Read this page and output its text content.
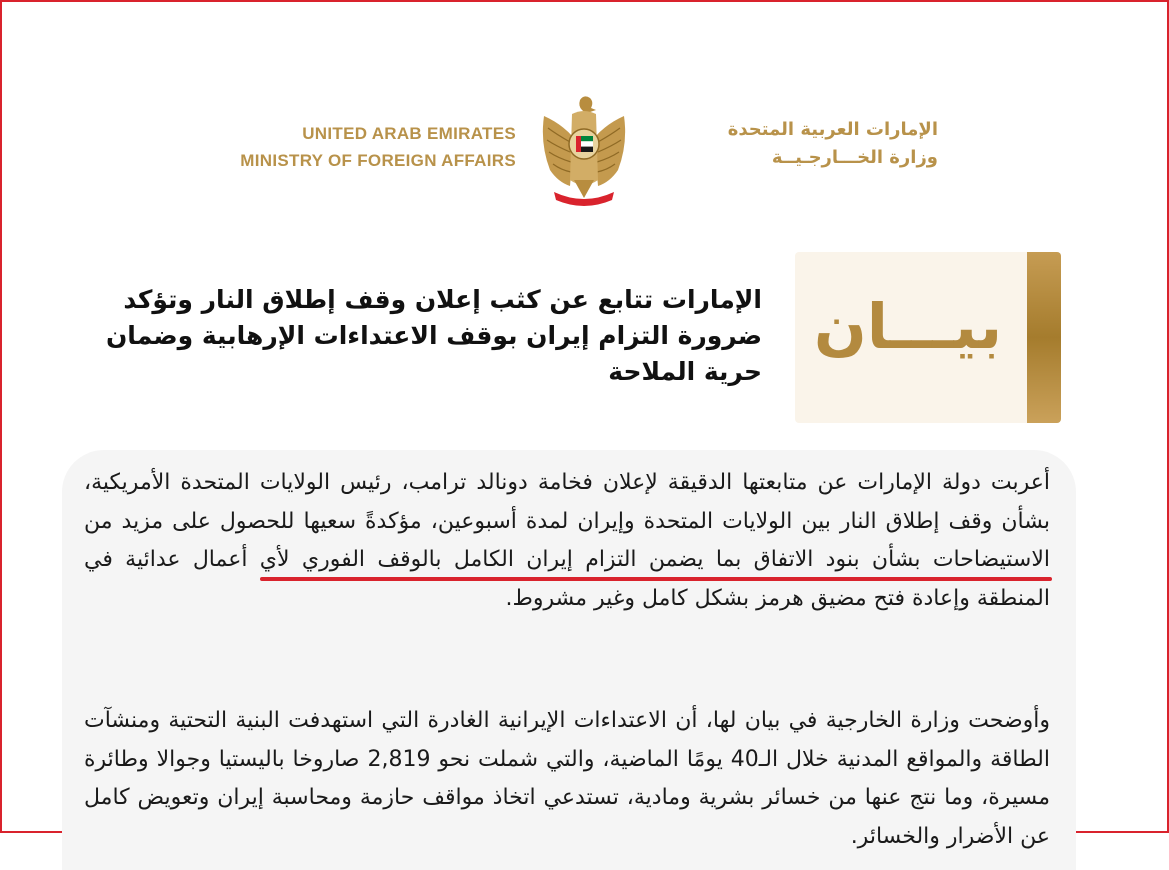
UNITED ARAB EMIRATES
MINISTRY OF FOREIGN AFFAIRS
الإمارات العربية المتحدة
وزارة الخـــارجـيــة
بيـــان
الإمارات تتابع عن كثب إعلان وقف إطلاق النار وتؤكد ضرورة التزام إيران بوقف الاعتداءات الإرهابية وضمان حرية الملاحة
أعربت دولة الإمارات عن متابعتها الدقيقة لإعلان فخامة دونالد ترامب، رئيس الولايات المتحدة الأمريكية، بشأن وقف إطلاق النار بين الولايات المتحدة وإيران لمدة أسبوعين، مؤكدةً سعيها للحصول على مزيد من الاستيضاحات بشأن بنود الاتفاق بما يضمن التزام إيران الكامل بالوقف الفوري لأي أعمال عدائية في المنطقة وإعادة فتح مضيق هرمز بشكل كامل وغير مشروط.
وأوضحت وزارة الخارجية في بيان لها، أن الاعتداءات الإيرانية الغادرة التي استهدفت البنية التحتية ومنشآت الطاقة والمواقع المدنية خلال الـ40 يومًا الماضية، والتي شملت نحو 2,819 صاروخا باليستيا وجوالا وطائرة مسيرة، وما نتج عنها من خسائر بشرية ومادية، تستدعي اتخاذ مواقف حازمة ومحاسبة إيران وتعويض كامل عن الأضرار والخسائر.
